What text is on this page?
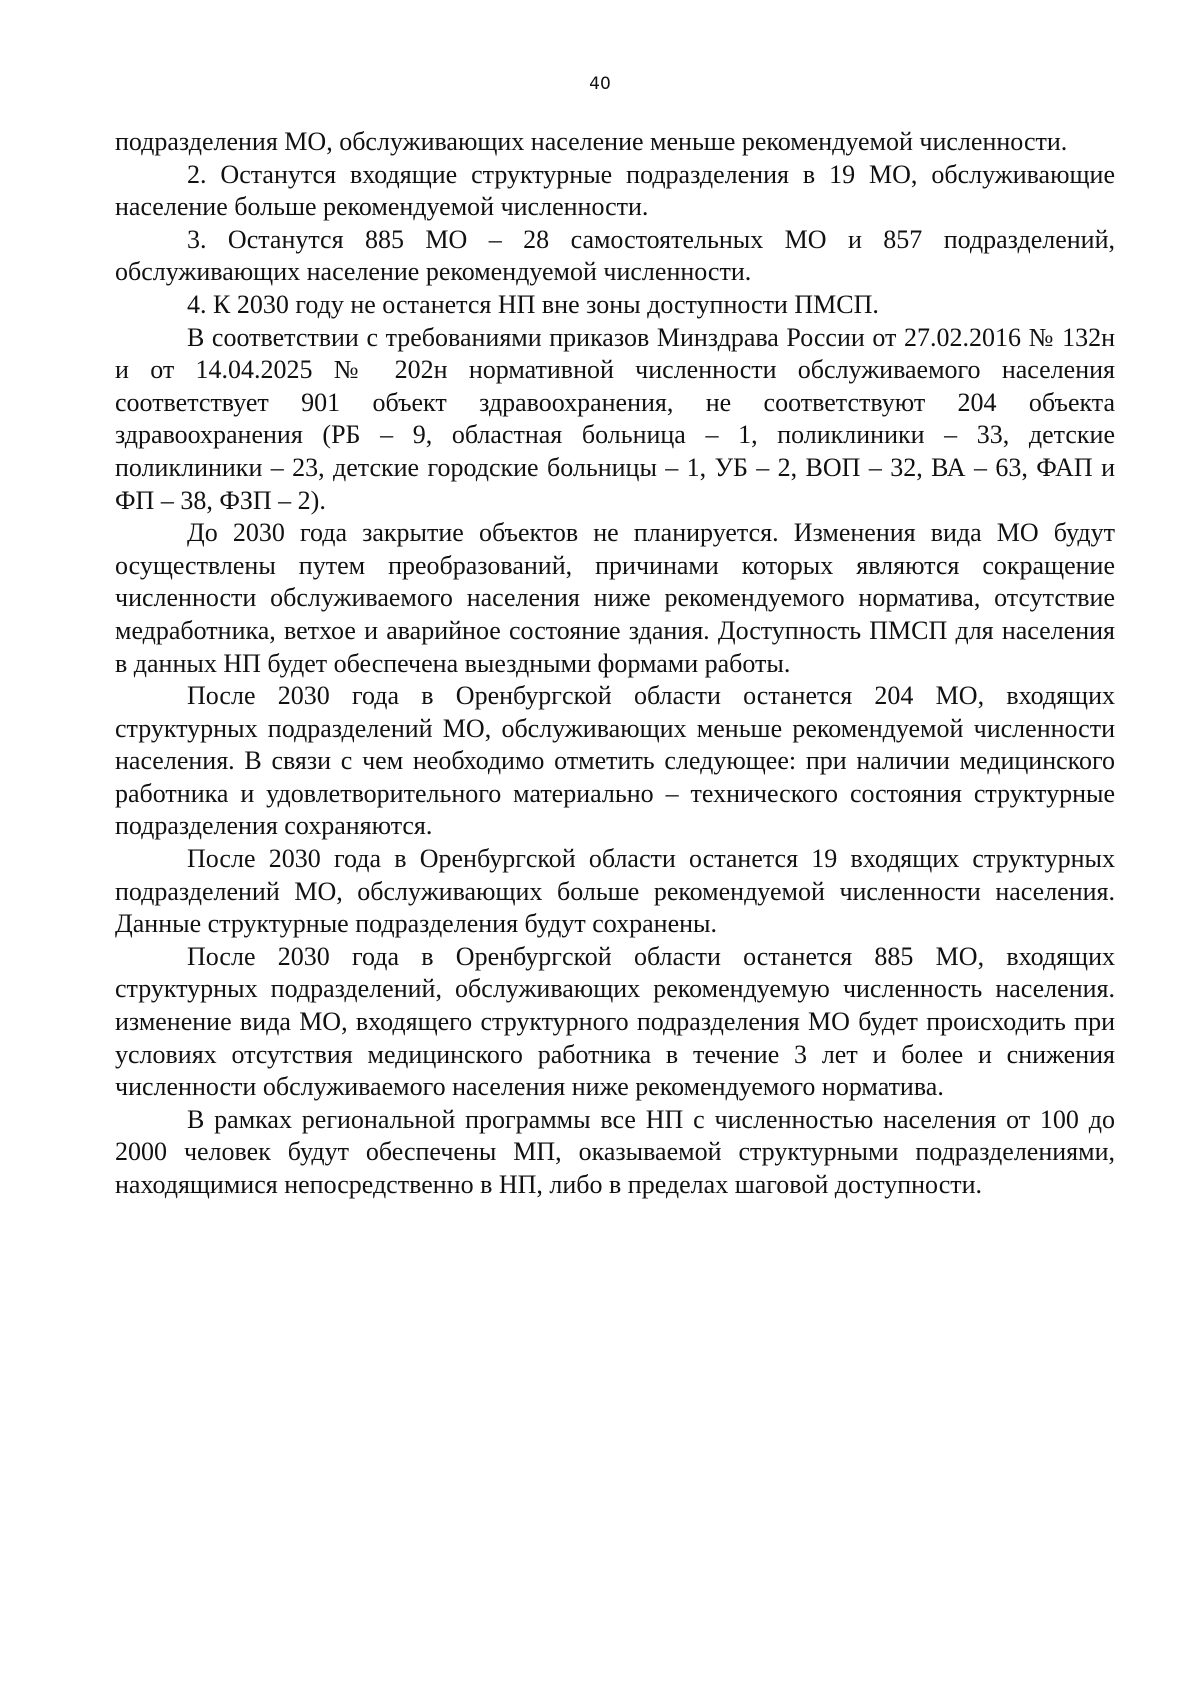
40

подразделения МО, обслуживающих население меньше рекомендуемой численности.

2. Останутся входящие структурные подразделения в 19 МО, обслуживающие население больше рекомендуемой численности.

3. Останутся 885 МО – 28 самостоятельных МО и 857 подразделений, обслуживающих население рекомендуемой численности.

4. К 2030 году не останется НП вне зоны доступности ПМСП.

В соответствии с требованиями приказов Минздрава России от 27.02.2016 № 132н и от 14.04.2025 № 202н нормативной численности обслуживаемого населения соответствует 901 объект здравоохранения, не соответствуют 204 объекта здравоохранения (РБ – 9, областная больница – 1, поликлиники – 33, детские поликлиники – 23, детские городские больницы – 1, УБ – 2, ВОП – 32, ВА – 63, ФАП и ФП – 38, ФЗП – 2).

До 2030 года закрытие объектов не планируется. Изменения вида МО будут осуществлены путем преобразований, причинами которых являются сокращение численности обслуживаемого населения ниже рекомендуемого норматива, отсутствие медработника, ветхое и аварийное состояние здания. Доступность ПМСП для населения в данных НП будет обеспечена выездными формами работы.

После 2030 года в Оренбургской области останется 204 МО, входящих структурных подразделений МО, обслуживающих меньше рекомендуемой численности населения. В связи с чем необходимо отметить следующее: при наличии медицинского работника и удовлетворительного материально – технического состояния структурные подразделения сохраняются.

После 2030 года в Оренбургской области останется 19 входящих структурных подразделений МО, обслуживающих больше рекомендуемой численности населения. Данные структурные подразделения будут сохранены.

После 2030 года в Оренбургской области останется 885 МО, входящих структурных подразделений, обслуживающих рекомендуемую численность населения. изменение вида МО, входящего структурного подразделения МО будет происходить при условиях отсутствия медицинского работника в течение 3 лет и более и снижения численности обслуживаемого населения ниже рекомендуемого норматива.

В рамках региональной программы все НП с численностью населения от 100 до 2000 человек будут обеспечены МП, оказываемой структурными подразделениями, находящимися непосредственно в НП, либо в пределах шаговой доступности.
